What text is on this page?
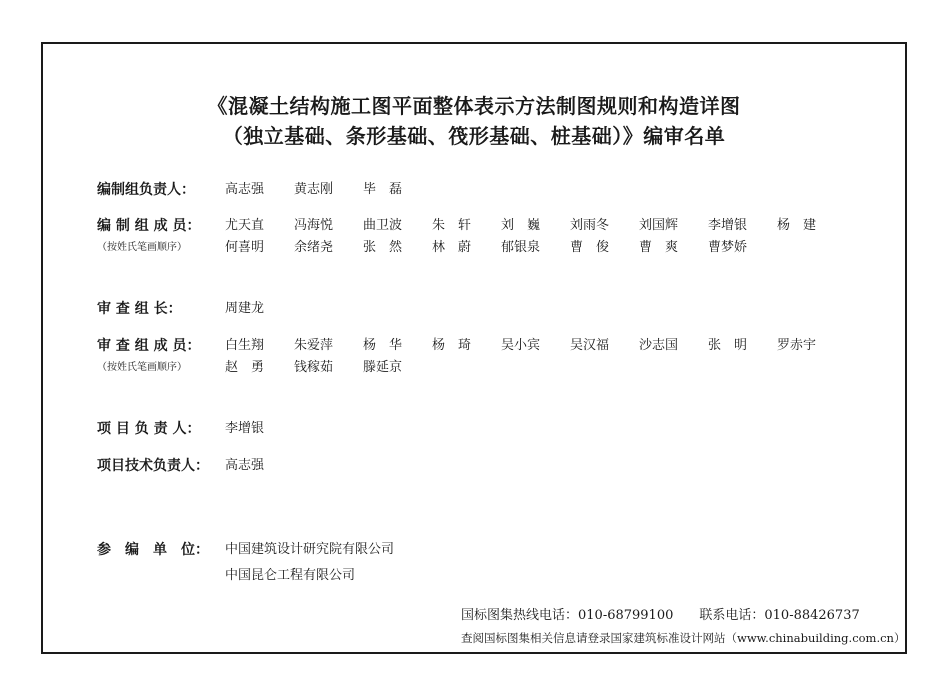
《混凝土结构施工图平面整体表示方法制图规则和构造详图
（独立基础、条形基础、筏形基础、桩基础）》编审名单
编制组负责人：	高志强 黄志刚 毕　磊
编 制 组 成 员：	尤天直 冯海悦 曲卫波 朱　轩 刘　巍 刘雨冬 刘国辉 李增银 杨　建
（按姓氏笔画顺序）	何喜明 余绪尧 张　然 林　蔚 郁银泉 曹　俊 曹　爽 曹梦娇
审 查 组 长：	周建龙
审 查 组 成 员：	白生翔 朱爱萍 杨　华 杨　琦 吴小宾 吴汉福 沙志国 张　明 罗赤宇
（按姓氏笔画顺序）	赵　勇 钱稼茹 滕延京
项 目 负 责 人：	李增银
项目技术负责人：	高志强
参　编　单　位：	中国建筑设计研究院有限公司
中国昆仑工程有限公司
国标图集热线电话：010-68799100 联系电话：010-88426737
查阅国标图集相关信息请登录国家建筑标准设计网站（www.chinabuilding.com.cn）
